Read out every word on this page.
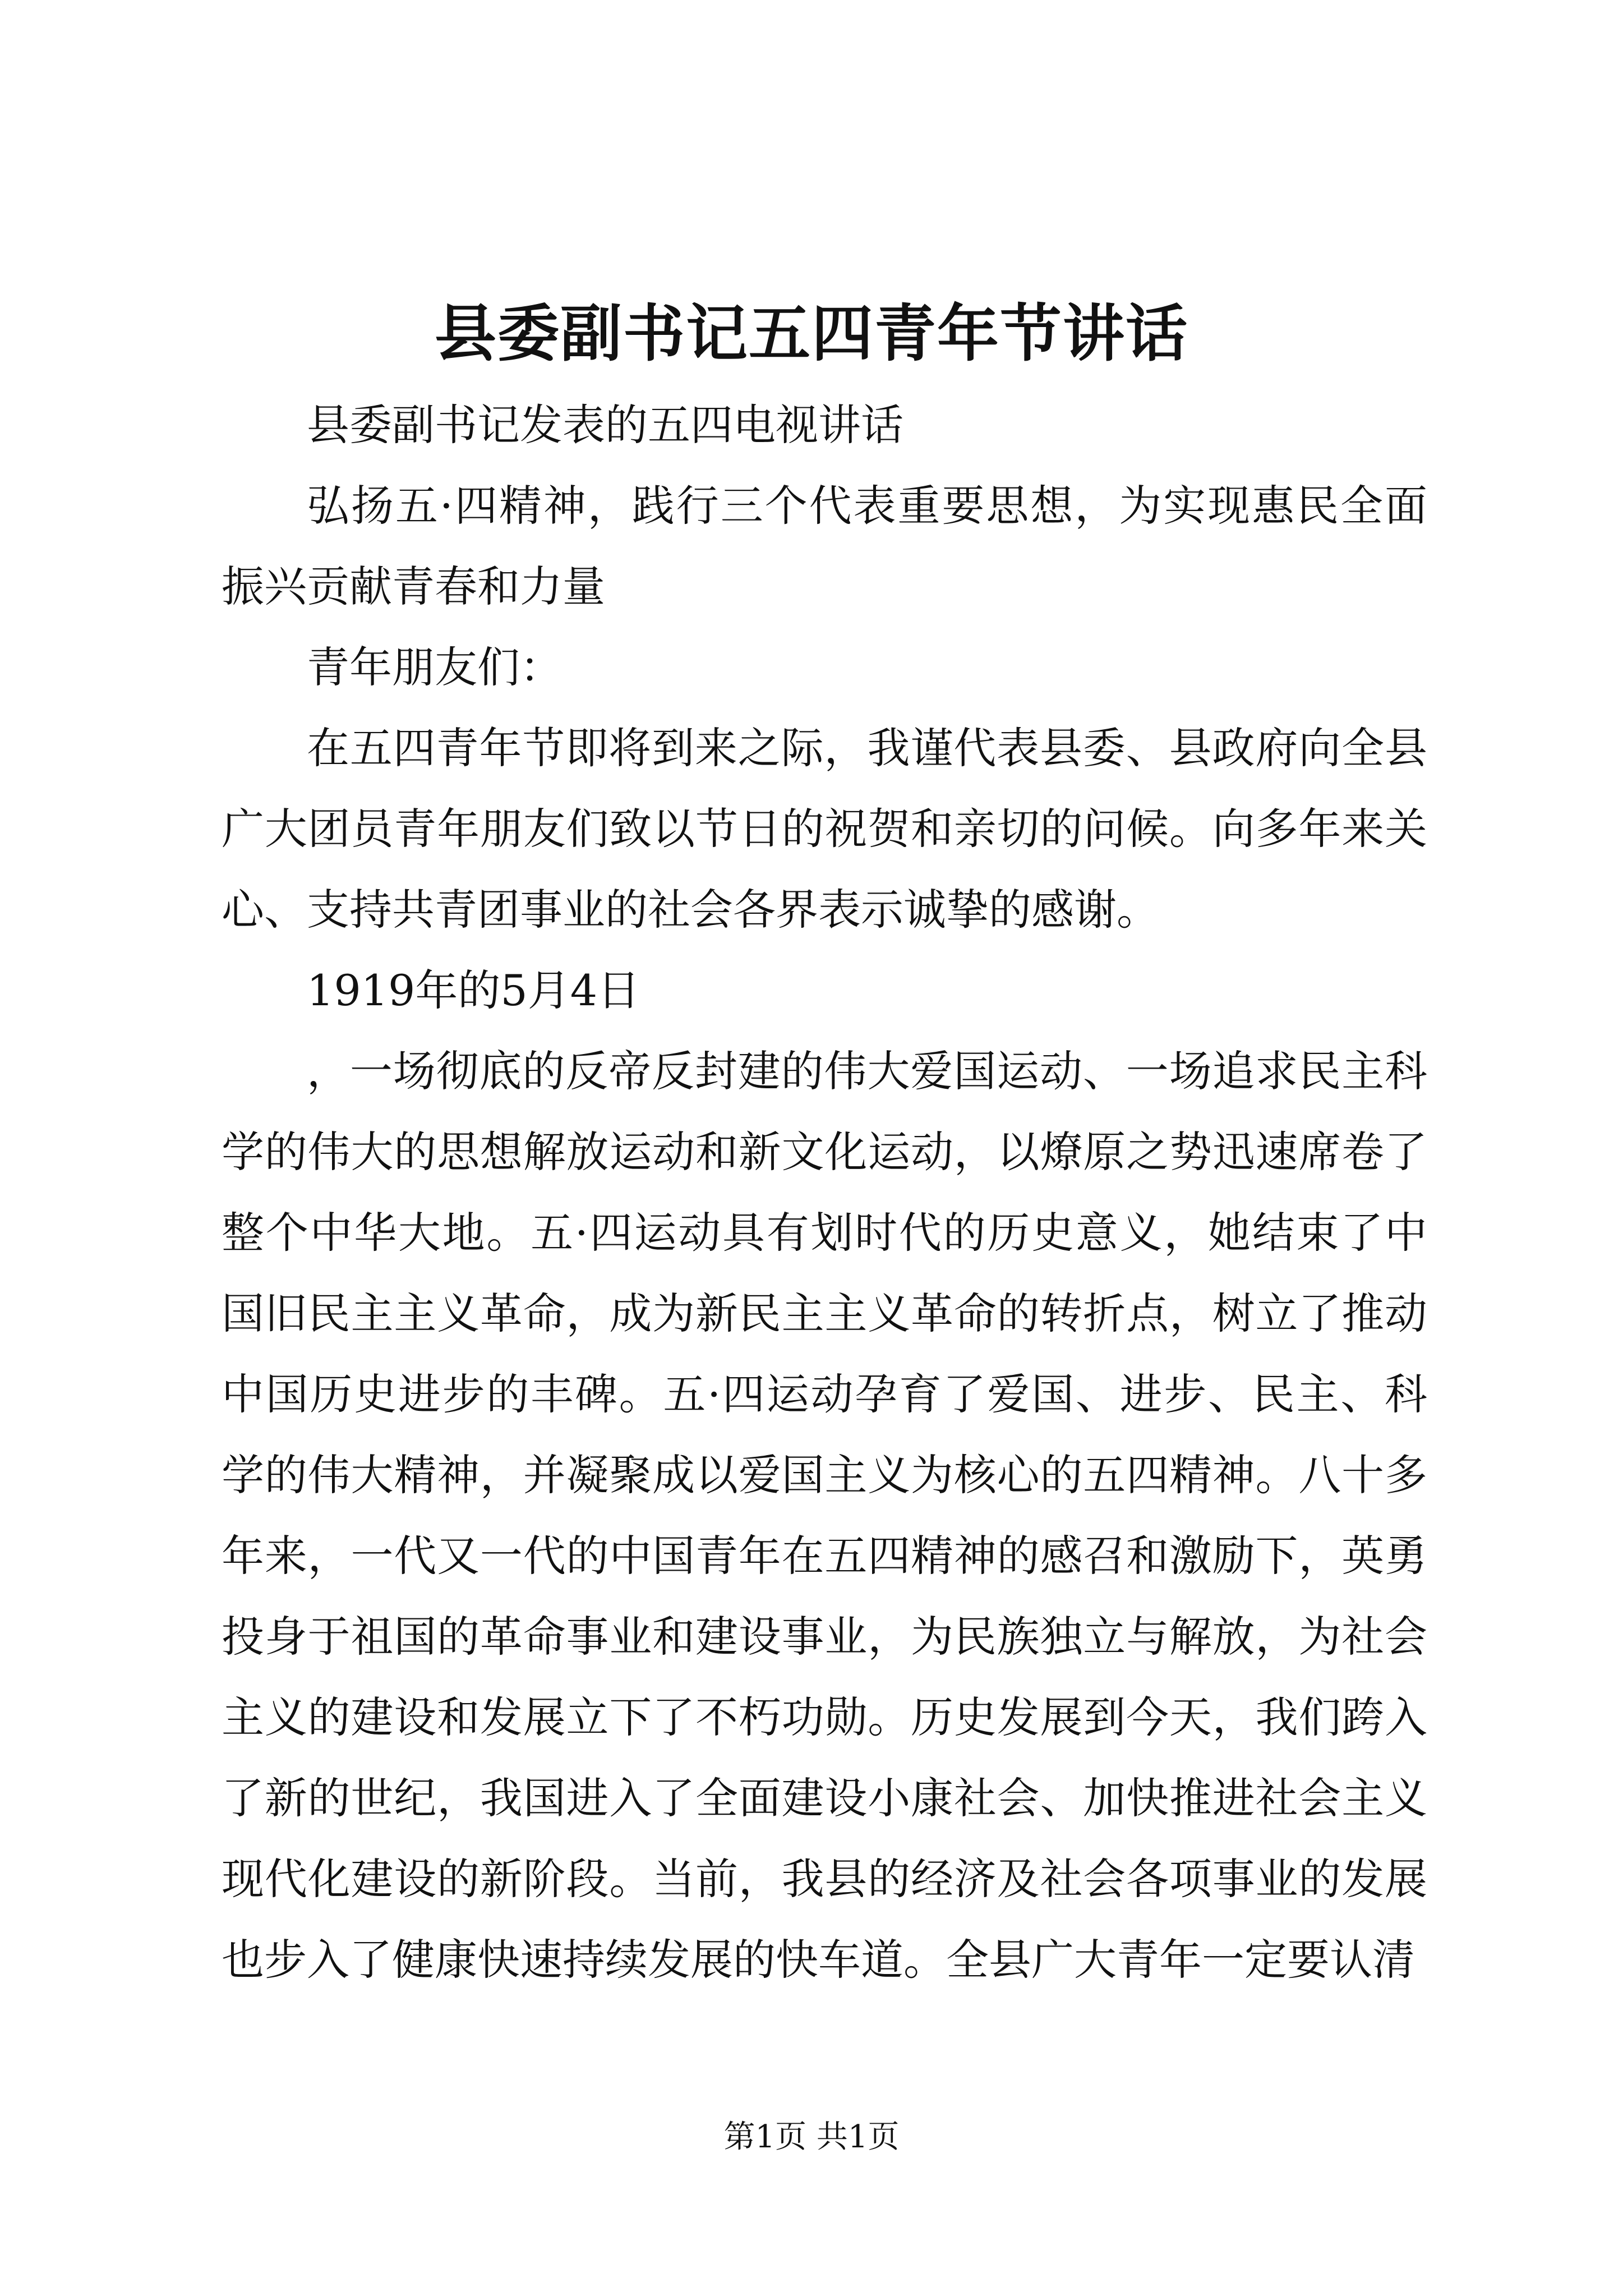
县委副书记五四青年节讲话

县委副书记发表的五四电视讲话

弘扬五·四精神，践行三个代表重要思想，为实现惠民全面振兴贡献青春和力量

青年朋友们：

在五四青年节即将到来之际，我谨代表县委、县政府向全县广大团员青年朋友们致以节日的祝贺和亲切的问候。向多年来关心、支持共青团事业的社会各界表示诚挚的感谢。

1919年的5月4日

，一场彻底的反帝反封建的伟大爱国运动、一场追求民主科学的伟大的思想解放运动和新文化运动，以燎原之势迅速席卷了整个中华大地。五·四运动具有划时代的历史意义，她结束了中国旧民主主义革命，成为新民主主义革命的转折点，树立了推动中国历史进步的丰碑。五·四运动孕育了爱国、进步、民主、科学的伟大精神，并凝聚成以爱国主义为核心的五四精神。八十多年来，一代又一代的中国青年在五四精神的感召和激励下，英勇投身于祖国的革命事业和建设事业，为民族独立与解放，为社会主义的建设和发展立下了不朽功勋。历史发展到今天，我们跨入了新的世纪，我国进入了全面建设小康社会、加快推进社会主义现代化建设的新阶段。当前，我县的经济及社会各项事业的发展也步入了健康快速持续发展的快车道。全县广大青年一定要认清

第1页 共1页
